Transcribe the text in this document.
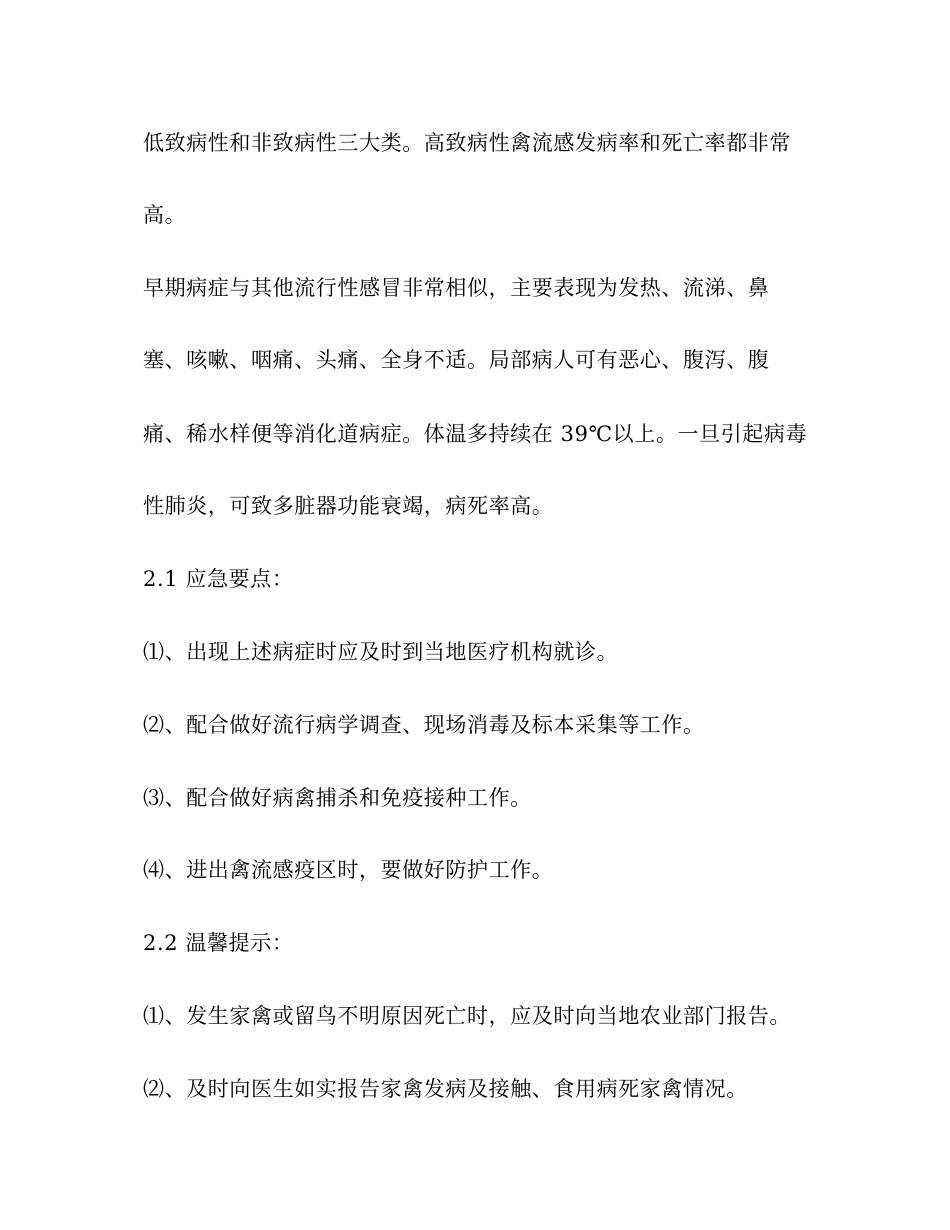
低致病性和非致病性三大类。高致病性禽流感发病率和死亡率都非常
高。
早期病症与其他流行性感冒非常相似，主要表现为发热、流涕、鼻
塞、咳嗽、咽痛、头痛、全身不适。局部病人可有恶心、腹泻、腹
痛、稀水样便等消化道病症。体温多持续在 39℃以上。一旦引起病毒
性肺炎，可致多脏器功能衰竭，病死率高。
2.1 应急要点：
⑴、出现上述病症时应及时到当地医疗机构就诊。
⑵、配合做好流行病学调查、现场消毒及标本采集等工作。
⑶、配合做好病禽捕杀和免疫接种工作。
⑷、进出禽流感疫区时，要做好防护工作。
2.2 温馨提示：
⑴、发生家禽或留鸟不明原因死亡时，应及时向当地农业部门报告。
⑵、及时向医生如实报告家禽发病及接触、食用病死家禽情况。
